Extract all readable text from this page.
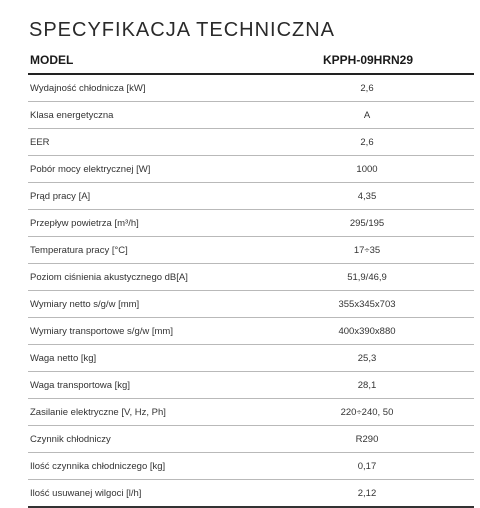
SPECYFIKACJA TECHNICZNA
MODEL	KPPH-09HRN29
Wydajność chłodnicza [kW]	2,6
Klasa energetyczna	A
EER	2,6
Pobór mocy elektrycznej [W]	1000
Prąd pracy [A]	4,35
Przepływ powietrza [m³/h]	295/195
Temperatura pracy [°C]	17÷35
Poziom ciśnienia akustycznego dB[A]	51,9/46,9
Wymiary netto s/g/w [mm]	355x345x703
Wymiary transportowe s/g/w [mm]	400x390x880
Waga netto [kg]	25,3
Waga transportowa [kg]	28,1
Zasilanie elektryczne [V, Hz, Ph]	220÷240, 50
Czynnik chłodniczy	R290
Ilość czynnika chłodniczego [kg]	0,17
Ilość usuwanej wilgoci [l/h]	2,12
